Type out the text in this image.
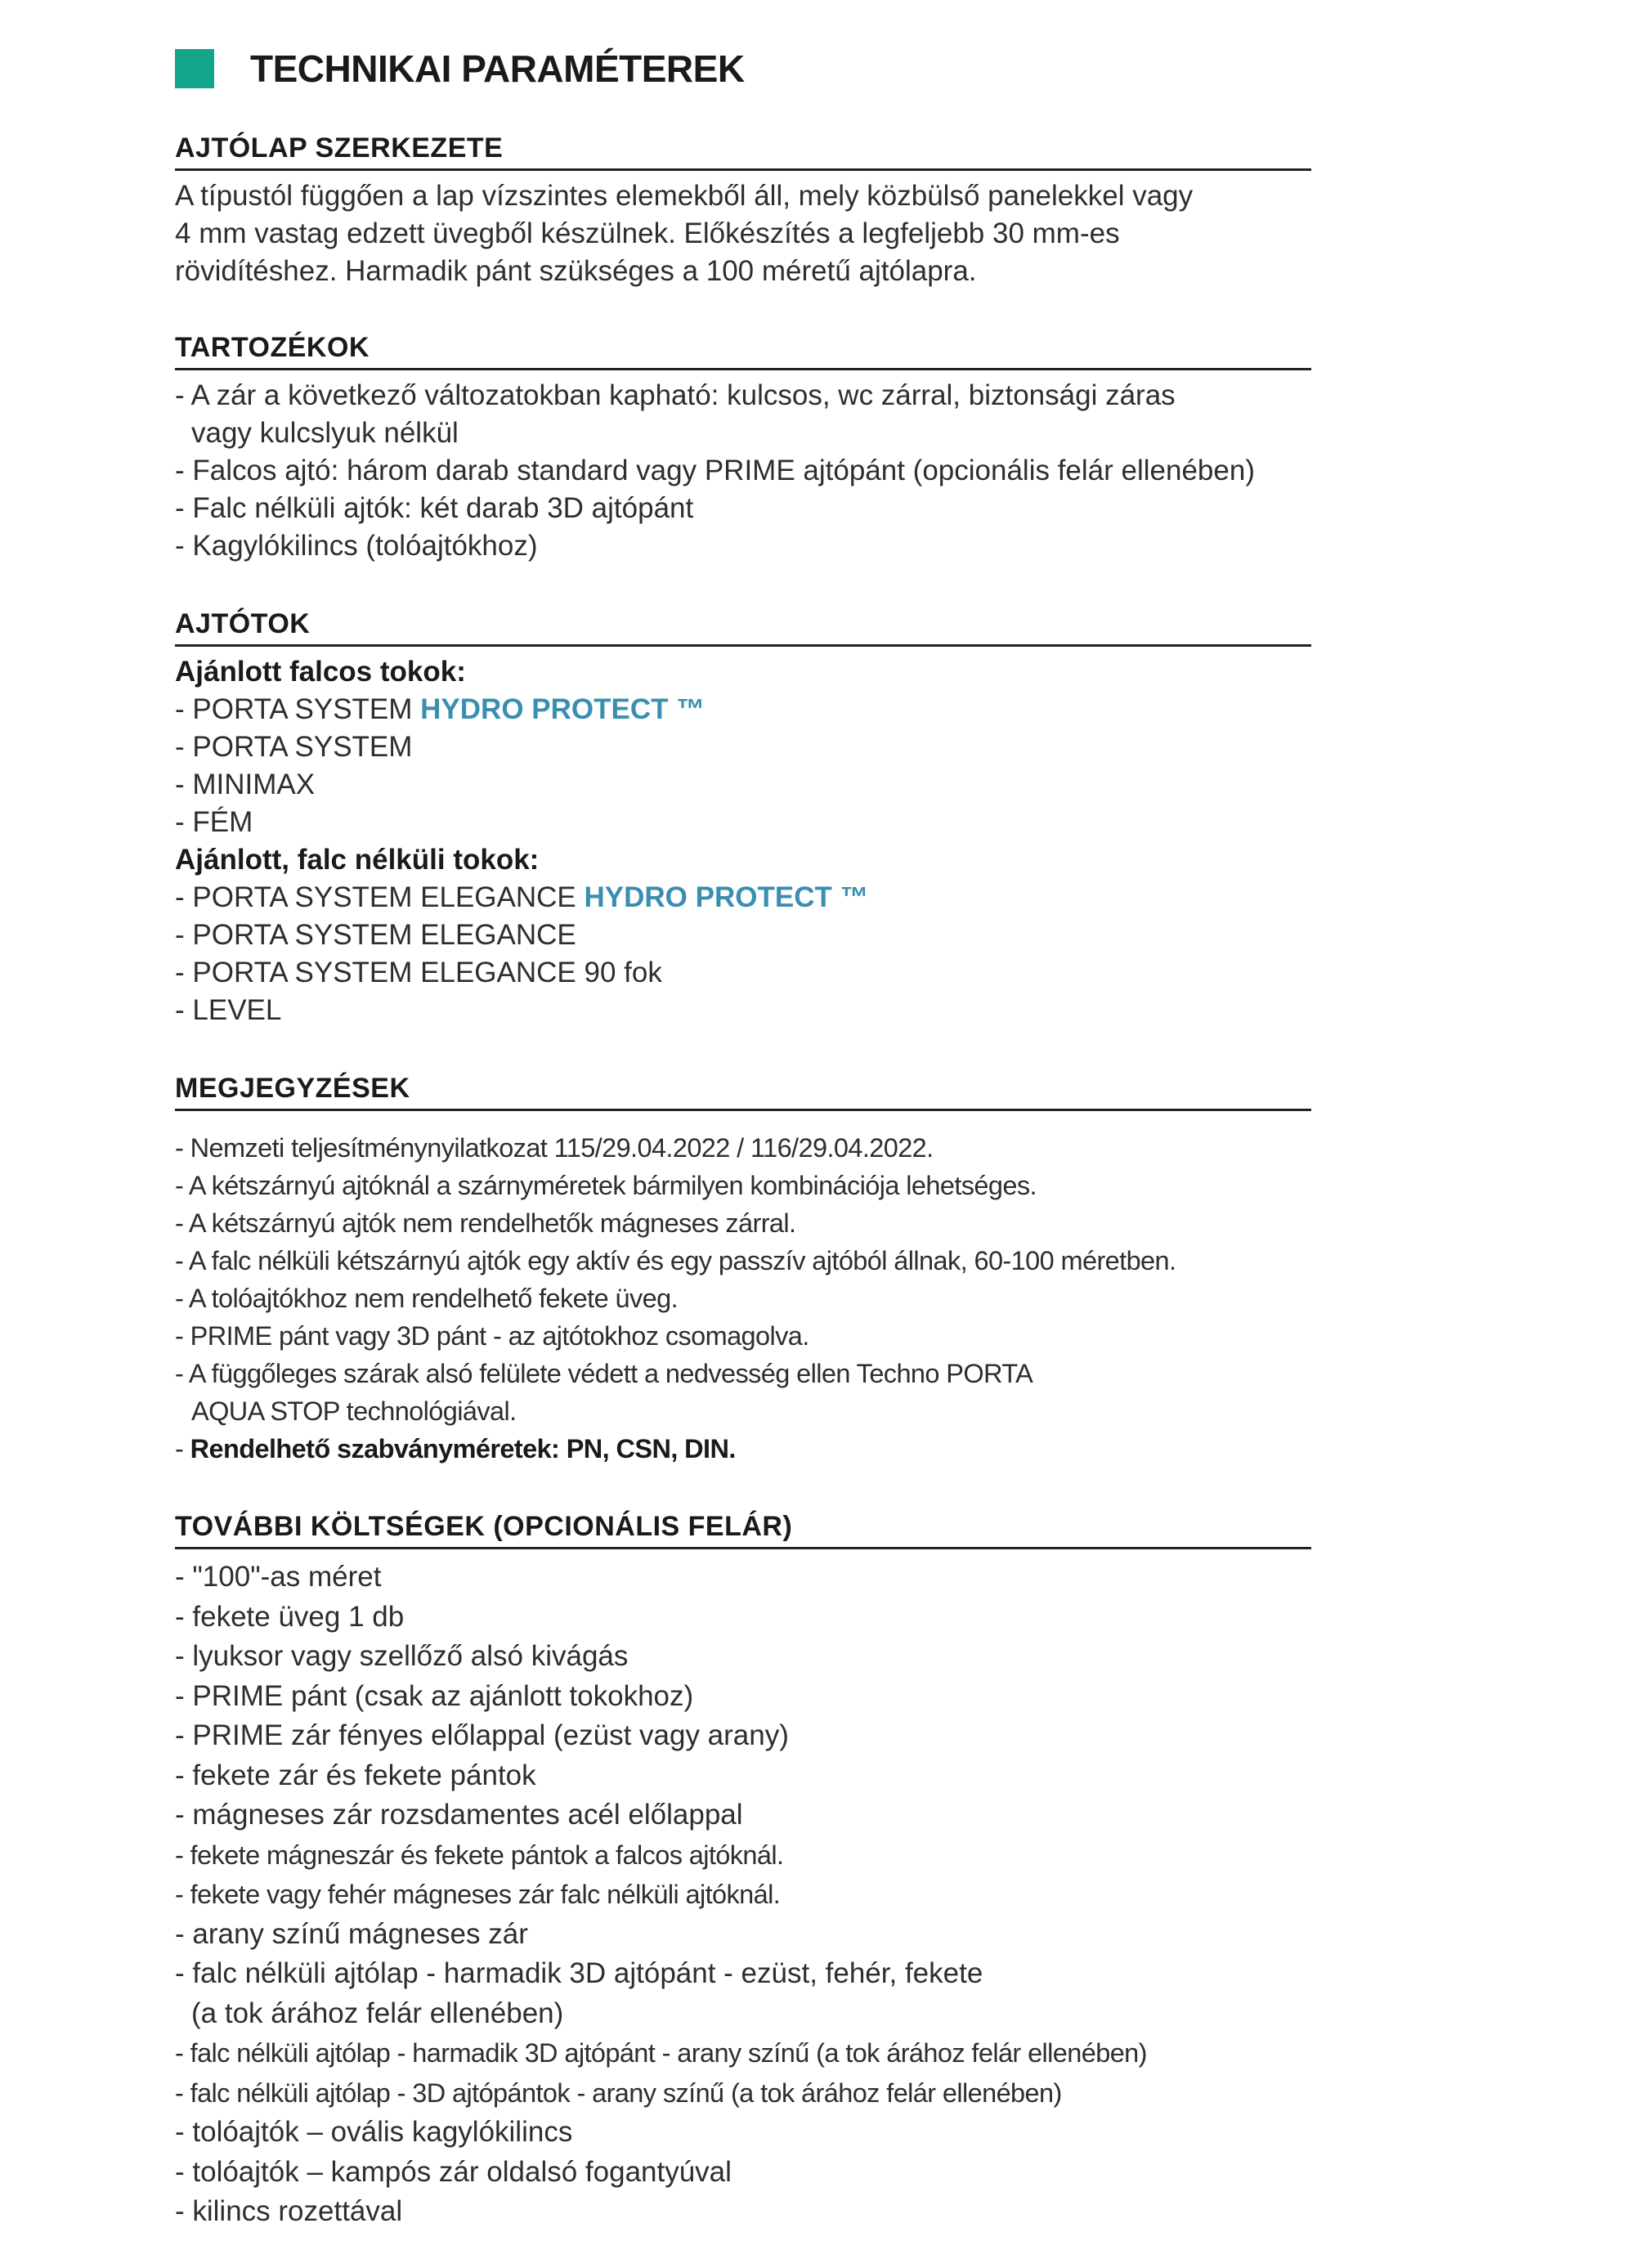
TECHNIKAI PARAMÉTEREK
AJTÓLAP SZERKEZETE
A típustól függően a lap vízszintes elemekből áll, mely közbülső panelekkel vagy
4 mm vastag edzett üvegből készülnek. Előkészítés a legfeljebb 30 mm-es
rövidítéshez. Harmadik pánt szükséges a 100 méretű ajtólapra.
TARTOZÉKOK
- A zár a következő változatokban kapható: kulcsos, wc zárral, biztonsági záras
vagy kulcslyuk nélkül
- Falcos ajtó: három darab standard vagy PRIME ajtópánt (opcionális felár ellenében)
- Falc nélküli ajtók: két darab 3D ajtópánt
- Kagylókilincs (tolóajtókhoz)
AJTÓTOK
Ajánlott falcos tokok:
- PORTA SYSTEM HYDRO PROTECT ™
- PORTA SYSTEM
- MINIMAX
- FÉM
Ajánlott, falc nélküli tokok:
- PORTA SYSTEM ELEGANCE HYDRO PROTECT ™
- PORTA SYSTEM ELEGANCE
- PORTA SYSTEM ELEGANCE 90 fok
- LEVEL
MEGJEGYZÉSEK
- Nemzeti teljesítménynyilatkozat 115/29.04.2022 / 116/29.04.2022.
- A kétszárnyú ajtóknál a szárnyméretek bármilyen kombinációja lehetséges.
- A kétszárnyú ajtók nem rendelhetők mágneses zárral.
- A falc nélküli kétszárnyú ajtók egy aktív és egy passzív ajtóból állnak, 60-100 méretben.
- A tolóajtókhoz nem rendelhető fekete üveg.
- PRIME pánt vagy 3D pánt - az ajtótokhoz csomagolva.
- A függőleges szárak alsó felülete védett a nedvesség ellen Techno PORTA
AQUA STOP technológiával.
- Rendelhető szabványméretek: PN, CSN, DIN.
TOVÁBBI KÖLTSÉGEK (OPCIONÁLIS FELÁR)
- "100"-as méret
- fekete üveg 1 db
- lyuksor vagy szellőző alsó kivágás
- PRIME pánt (csak az ajánlott tokokhoz)
- PRIME zár fényes előlappal (ezüst vagy arany)
- fekete zár és fekete pántok
- mágneses zár rozsdamentes acél előlappal
- fekete mágneszár és fekete pántok a falcos ajtóknál.
- fekete vagy fehér mágneses zár falc nélküli ajtóknál.
- arany színű mágneses zár
- falc nélküli ajtólap - harmadik 3D ajtópánt - ezüst, fehér, fekete
(a tok árához felár ellenében)
- falc nélküli ajtólap - harmadik 3D ajtópánt - arany színű (a tok árához felár ellenében)
- falc nélküli ajtólap - 3D ajtópántok - arany színű (a tok árához felár ellenében)
- tolóajtók – ovális kagylókilincs
- tolóajtók – kampós zár oldalsó fogantyúval
- kilincs rozettával
